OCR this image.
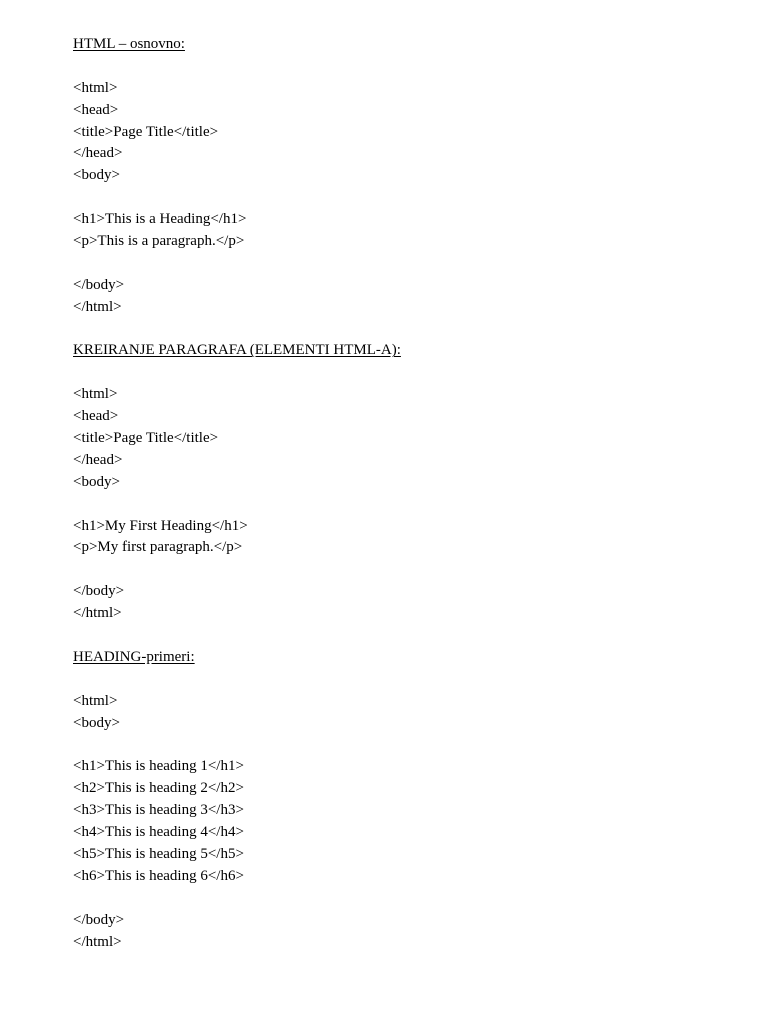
HTML – osnovno:
<html>
<head>
<title>Page Title</title>
</head>
<body>
<h1>This is a Heading</h1>
<p>This is a paragraph.</p>
</body>
</html>
KREIRANJE PARAGRAFA (ELEMENTI HTML-A):
<html>
<head>
<title>Page Title</title>
</head>
<body>
<h1>My First Heading</h1>
<p>My first paragraph.</p>
</body>
</html>
HEADING-primeri:
<html>
<body>
<h1>This is heading 1</h1>
<h2>This is heading 2</h2>
<h3>This is heading 3</h3>
<h4>This is heading 4</h4>
<h5>This is heading 5</h5>
<h6>This is heading 6</h6>
</body>
</html>
